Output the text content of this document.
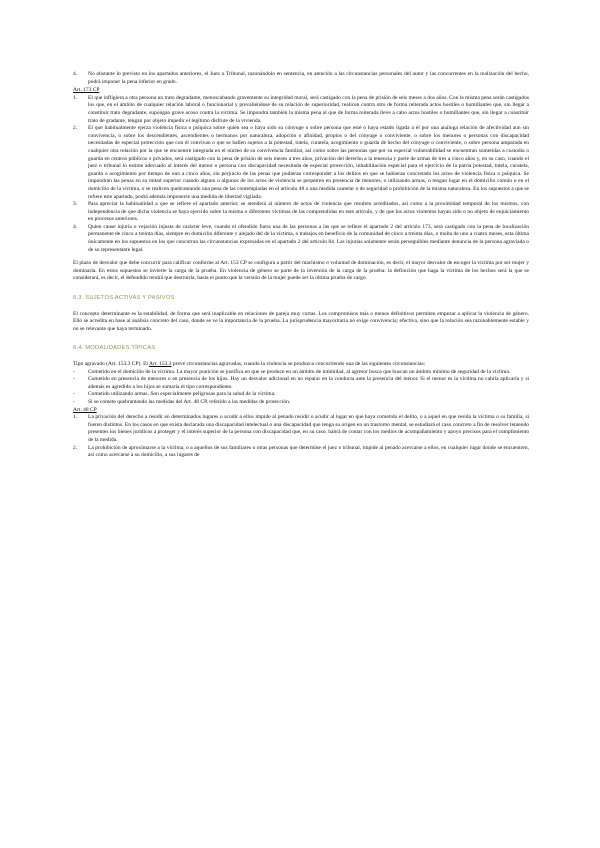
4. No obstante lo previsto en los apartados anteriores, el Juez o Tribunal, razonándolo en sentencia, en atención a las circunstancias personales del autor y las concurrentes en la realización del hecho, podrá imponer la pena inferior en grado.
Art. 173 CP
1. El que infligiera a otra persona un trato degradante, menoscabando gravemente su integridad moral, será castigado con la pena de prisión de seis meses a dos años. Con la misma pena serán castigados los que, en el ámbito de cualquier relación laboral o funcionarial y prevaliéndose de su relación de superioridad, realicen contra otro de forma reiterada actos hostiles o humillantes que, sin llegar a constituir trato degradante, supongan grave acoso contra la víctima. Se impondrá también la misma pena al que de forma reiterada lleve a cabo actos hostiles o humillantes que, sin llegar a constituir trato de gradante, tengan por objeto impedir el legítimo disfrute de la vivienda.
2. El que habitualmente ejerza violencia física o psíquica sobre quien sea o haya sido su cónyuge o sobre persona que esté o haya estado ligada a él por una análoga relación de afectividad aun sin convivencia, o sobre los descendientes, ascendientes o hermanos por naturaleza, adopción o afinidad, propios o del cónyuge o conviviente, o sobre los menores o personas con discapacidad necesitadas de especial protección que con él convivan o que se hallen sujetos a la potestad, tutela, curatela, acogimiento o guarda de hecho del cónyuge o conviviente, o sobre persona amparada en cualquier otra relación por la que se encuentre integrada en el núcleo de su convivencia familiar, así como sobre las personas que por su especial vulnerabilidad se encuentran sometidas a custodia o guarda en centros públicos o privados, será castigado con la pena de prisión de seis meses a tres años, privación del derecho a la tenencia y porte de armas de tres a cinco años y, en su caso, cuando el juez o tribunal lo estime adecuado al interés del menor o persona con discapacidad necesitada de especial protección, inhabilitación especial para el ejercicio de la patria potestad, tutela, curatela, guarda o acogimiento por tiempo de uno a cinco años, sin perjuicio de las penas que pudieran corresponder a los delitos en que se hubieran concretado los actos de violencia física o psíquica. Se impondrán las penas en su mitad superior cuando alguno o algunos de los actos de violencia se perpetren en presencia de menores, o utilizando armas, o tengan lugar en el domicilio común o en el domicilio de la víctima, o se realicen quebrantando una pena de las contempladas en el artículo 48 o una medida cautelar o de seguridad o prohibición de la misma naturaleza. En los supuestos a que se refiere este apartado, podrá además imponerse una medida de libertad vigilada.
3. Para apreciar la habitualidad a que se refiere el apartado anterior, se atenderá al número de actos de violencia que resulten acreditados, así como a la proximidad temporal de los mismos, con independencia de que dicha violencia se haya ejercido sobre la misma o diferentes víctimas de las comprendidas en este artículo, y de que los actos violentos hayan sido o no objeto de enjuiciamiento en procesos anteriores.
4. Quien cause injuria o vejación injusta de carácter leve, cuando el ofendido fuera una de las personas a las que se refiere el apartado 2 del artículo 173, será castigado con la pena de localización permanente de cinco a treinta días, siempre en domicilio diferente y alejado del de la víctima, o trabajos en beneficio de la comunidad de cinco a treinta días, o multa de uno a cuatro meses, esta última únicamente en los supuestos en los que concurran las circunstancias expresadas en el apartado 2 del artículo 84. Las injurias solamente serán perseguibles mediante denuncia de la persona agraviada o de su representante legal.

El plazo de desvalor que debe concurrir para calificar conforme al Art. 153 CP se configura a partir del machismo o voluntad de dominación, es decir, el mayor desvalor de escoger la víctima por ser mujer y dominarla. En estos supuestos se invierte la carga de la prueba. En violencia de género se parte de la inversión de la carga de la prueba: la definición que haga la víctima de los hechos será la que se considerará, es decir, el defendido tendrá que destruirla, hasta el punto que la versión de la mujer puede ser la última prueba de cargo.

6.3. SUJETOS ACTIVAS Y PASIVOS

El concepto determinante es la estabilidad, de forma que será inaplicable en relaciones de pareja muy cortas. Los compromisos más o menos definitivos permiten empezar a aplicar la violencia de género. Ello se acredita en base al análisis concreto del caso, donde se ve la importancia de la prueba. La jurisprudencia mayoritaria no exige convivencia; efectiva, sino que la relación sea razonablemente estable y no se relevante que haya terminado.

6.4. MODALIDADES TÍPICAS

Tipo agravado (Art. 153.3 CP). El Art. 153.3 prevé circunstancias agravadas, cuando la violencia se produzca concurriendo una de las siguientes circunstancias:

- Cometido en el domicilio de la víctima. La mayor punición se justifica en que se produce en un ámbito de intimidad, al agresor busca que buscan un ámbito mínimo de seguridad de la víctima.
- Cometido en presencia de menores o en presencia de los hijos. Hay un desvalor adicional en no reparar en la conducta ante la presencia del menor. Si el menor es la víctima no cabría aplicarla y si además es agredido a los hijos se sumaría el tipo correspondiente.
- Cometido utilizando armas. Son especialmente peligrosas para la salud de la víctima.
- Si se comete quebrantando las medidas del Art. 48 CP, referido a las medidas de protección.
Art. 48 CP
1. La privación del derecho a residir en determinados lugares o acudir a ellos impide al penado residir o acudir al lugar en que haya cometido el delito, o a aquel en que resida la víctima o su familia, si fueren distintos. En los casos en que exista declarada una discapacidad intelectual o una discapacidad que tenga su origen en un trastorno mental, se estudiará el caso concreto a fin de resolver teniendo presentes los bienes jurídicos a proteger y el interés superior de la persona con discapacidad que, en su caso, habrá de contar con los medios de acompañamiento y apoyo precisos para el cumplimiento de la medida.
2. La prohibición de aproximarse a la víctima, o a aquellos de sus familiares u otras personas que determine el juez o tribunal, impide al penado acercarse a ellos, en cualquier lugar donde se encuentren, así como acercarse a su domicilio, a sus lugares de
